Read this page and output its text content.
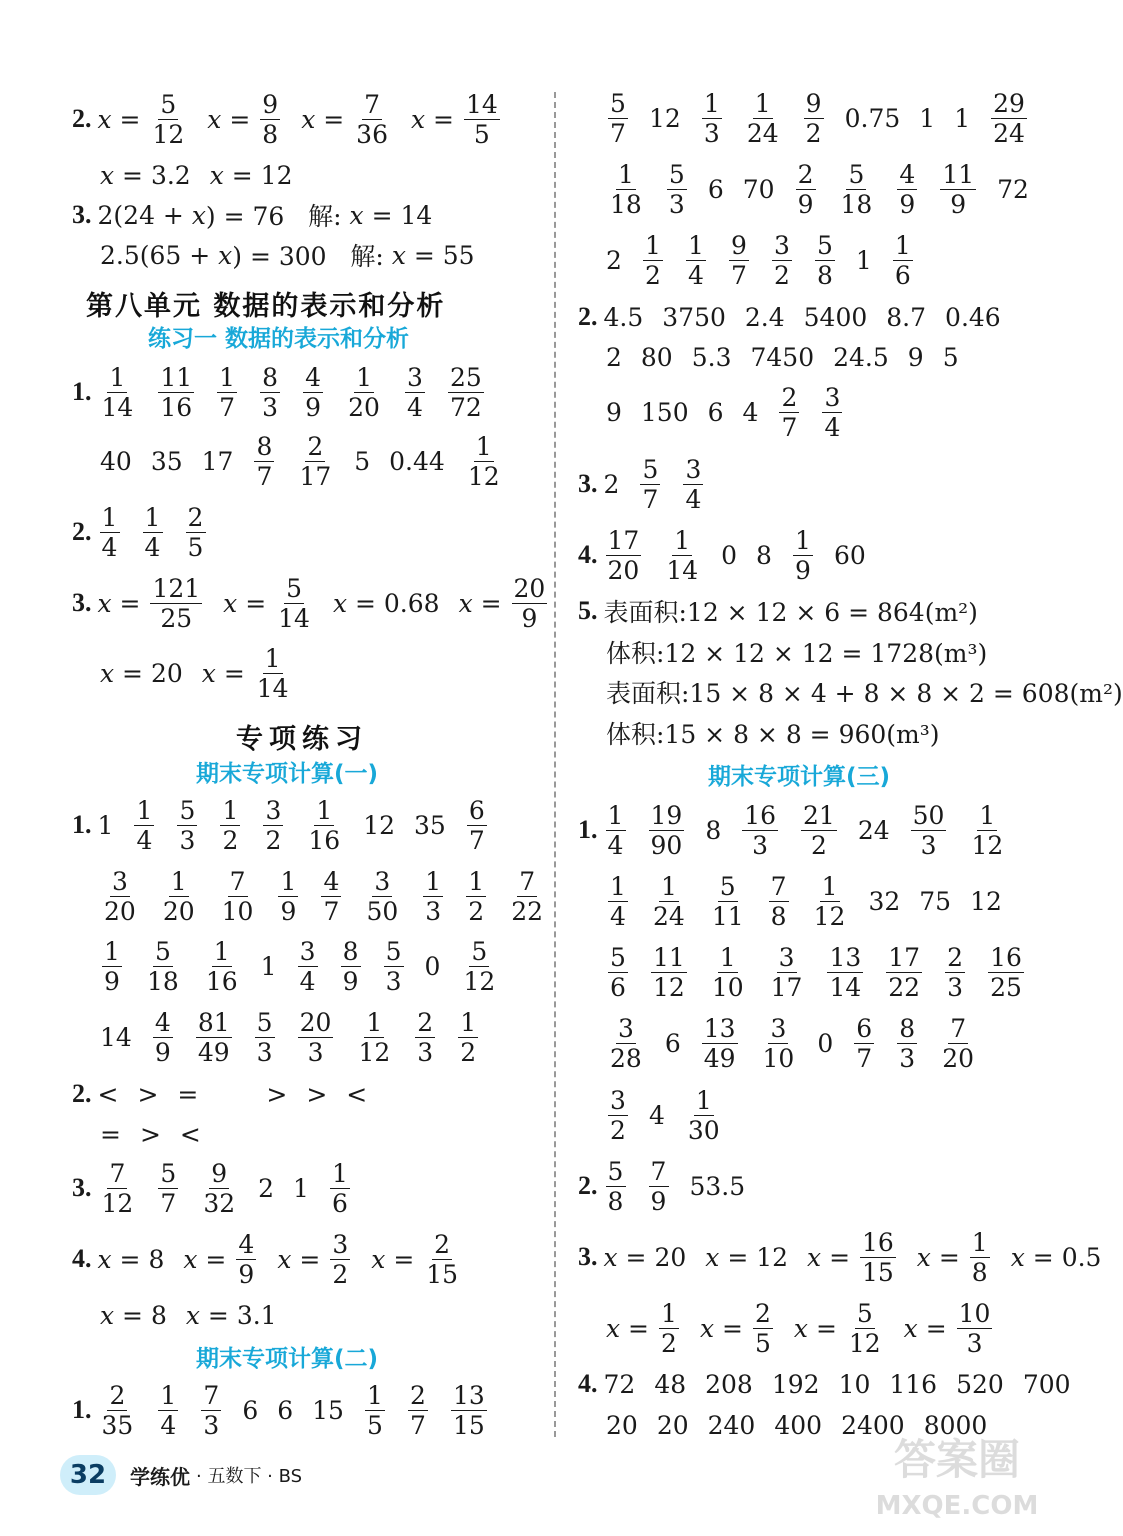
2. $x = \frac{5}{12}$ $x = \frac{9}{8}$ $x = \frac{7}{36}$ $x = \frac{14}{5}$
x = 3.2 x = 12
3. 2(24 + x ) = 76   解: x = 14
2.5(65 + x ) = 300   解: x = 55
第八单元 数据的表示和分析
练习一 数据的表示和分析
1. $\frac{1}{14} \frac{11}{16} \frac{1}{7} \frac{8}{3} \frac{4}{9} \frac{1}{20} \frac{3}{4} \frac{25}{72}$
40 35 $17 \frac{8}{7} \frac{2}{17} 5$ $0.44 \frac{1}{12}$
2. $\frac{1}{4} \frac{1}{4} \frac{2}{5}$
3. $x = \frac{121}{25}$ $x = \frac{5}{14}$ x = 0.68 $x = \frac{20}{9}$
x = 20 $x = \frac{1}{14}$
专项练习
期末专项计算(一)
1. $1 \frac{1}{4} \frac{5}{3} \frac{1}{2} \frac{3}{2} \frac{1}{16} 12$ $35 \frac{6}{7}$
$\frac{3}{20} \frac{1}{20} \frac{7}{10} \frac{1}{9} \frac{4}{7} \frac{3}{50} \frac{1}{3} \frac{1}{2} \frac{7}{22}$
$\frac{1}{9} \frac{5}{18} \frac{1}{16} 1 \frac{3}{4} \frac{8}{9} \frac{5}{3} 0 \frac{5}{12}$
$14 \frac{4}{9} \frac{81}{49} \frac{5}{3} \frac{20}{3} \frac{1}{12} \frac{2}{3} \frac{1}{2}$
2. < > =	> > <
= > <
3. $\frac{7}{12} \frac{5}{7} \frac{9}{32} 2$ $1 \frac{1}{6}$
4. x = 8 $x = \frac{4}{9}$ $x = \frac{3}{2}$ $x = \frac{2}{15}$
x = 8 x = 3.1
期末专项计算(二)
1. $\frac{2}{35} \frac{1}{4} \frac{7}{3} 6$ 6 $15 \frac{1}{5} \frac{2}{7} \frac{13}{15}$
$\frac{5}{7} 12 \frac{1}{3} \frac{1}{24} \frac{9}{2} 0.75$ 1 $1 \frac{29}{24}$
$\frac{1}{18} \frac{5}{3} 6$ $70 \frac{2}{9} \frac{5}{18} \frac{4}{9} \frac{11}{9} 72$
$2 \frac{1}{2} \frac{1}{4} \frac{9}{7} \frac{3}{2} \frac{5}{8} 1 \frac{1}{6}$
2. 4.5 3750 2.4 5400 8.7 0.46
2 80 5.3 7450 24.5 9 5
9 150 6 $4 \frac{2}{7} \frac{3}{4}$
3. $2 \frac{5}{7} \frac{3}{4}$
4. $\frac{17}{20} \frac{1}{14} 0$ $8 \frac{1}{9} 60$
5. 表面积:12 × 12 × 6 = 864(m²)
体积:12 × 12 × 12 = 1728(m³)
表面积:15 × 8 × 4 + 8 × 8 × 2 = 608(m²)
体积:15 × 8 × 8 = 960(m³)
期末专项计算(三)
1. $\frac{1}{4} \frac{19}{90} 8 \frac{16}{3} \frac{21}{2} 24 \frac{50}{3} \frac{1}{12}$
$\frac{1}{4} \frac{1}{24} \frac{5}{11} \frac{7}{8} \frac{1}{12} 32$ 75 12
$\frac{5}{6} \frac{11}{12} \frac{1}{10} \frac{3}{17} \frac{13}{14} \frac{17}{22} \frac{2}{3} \frac{16}{25}$
$\frac{3}{28} 6 \frac{13}{49} \frac{3}{10} 0 \frac{6}{7} \frac{8}{3} \frac{7}{20}$
$\frac{3}{2} 4 \frac{1}{30}$
2. $\frac{5}{8} \frac{7}{9} 53.5$
3. x = 20 x = 12 $x = \frac{16}{15}$ $x = \frac{1}{8}$ x = 0.5
$x = \frac{1}{2}$ $x = \frac{2}{5}$ $x = \frac{5}{12}$ $x = \frac{10}{3}$
4. 72 48 208 192 10 116 520 700
20 20 240 400 2400 8000
32	学练优 · 五数下 · BS	答案圈
MXQE.COM
